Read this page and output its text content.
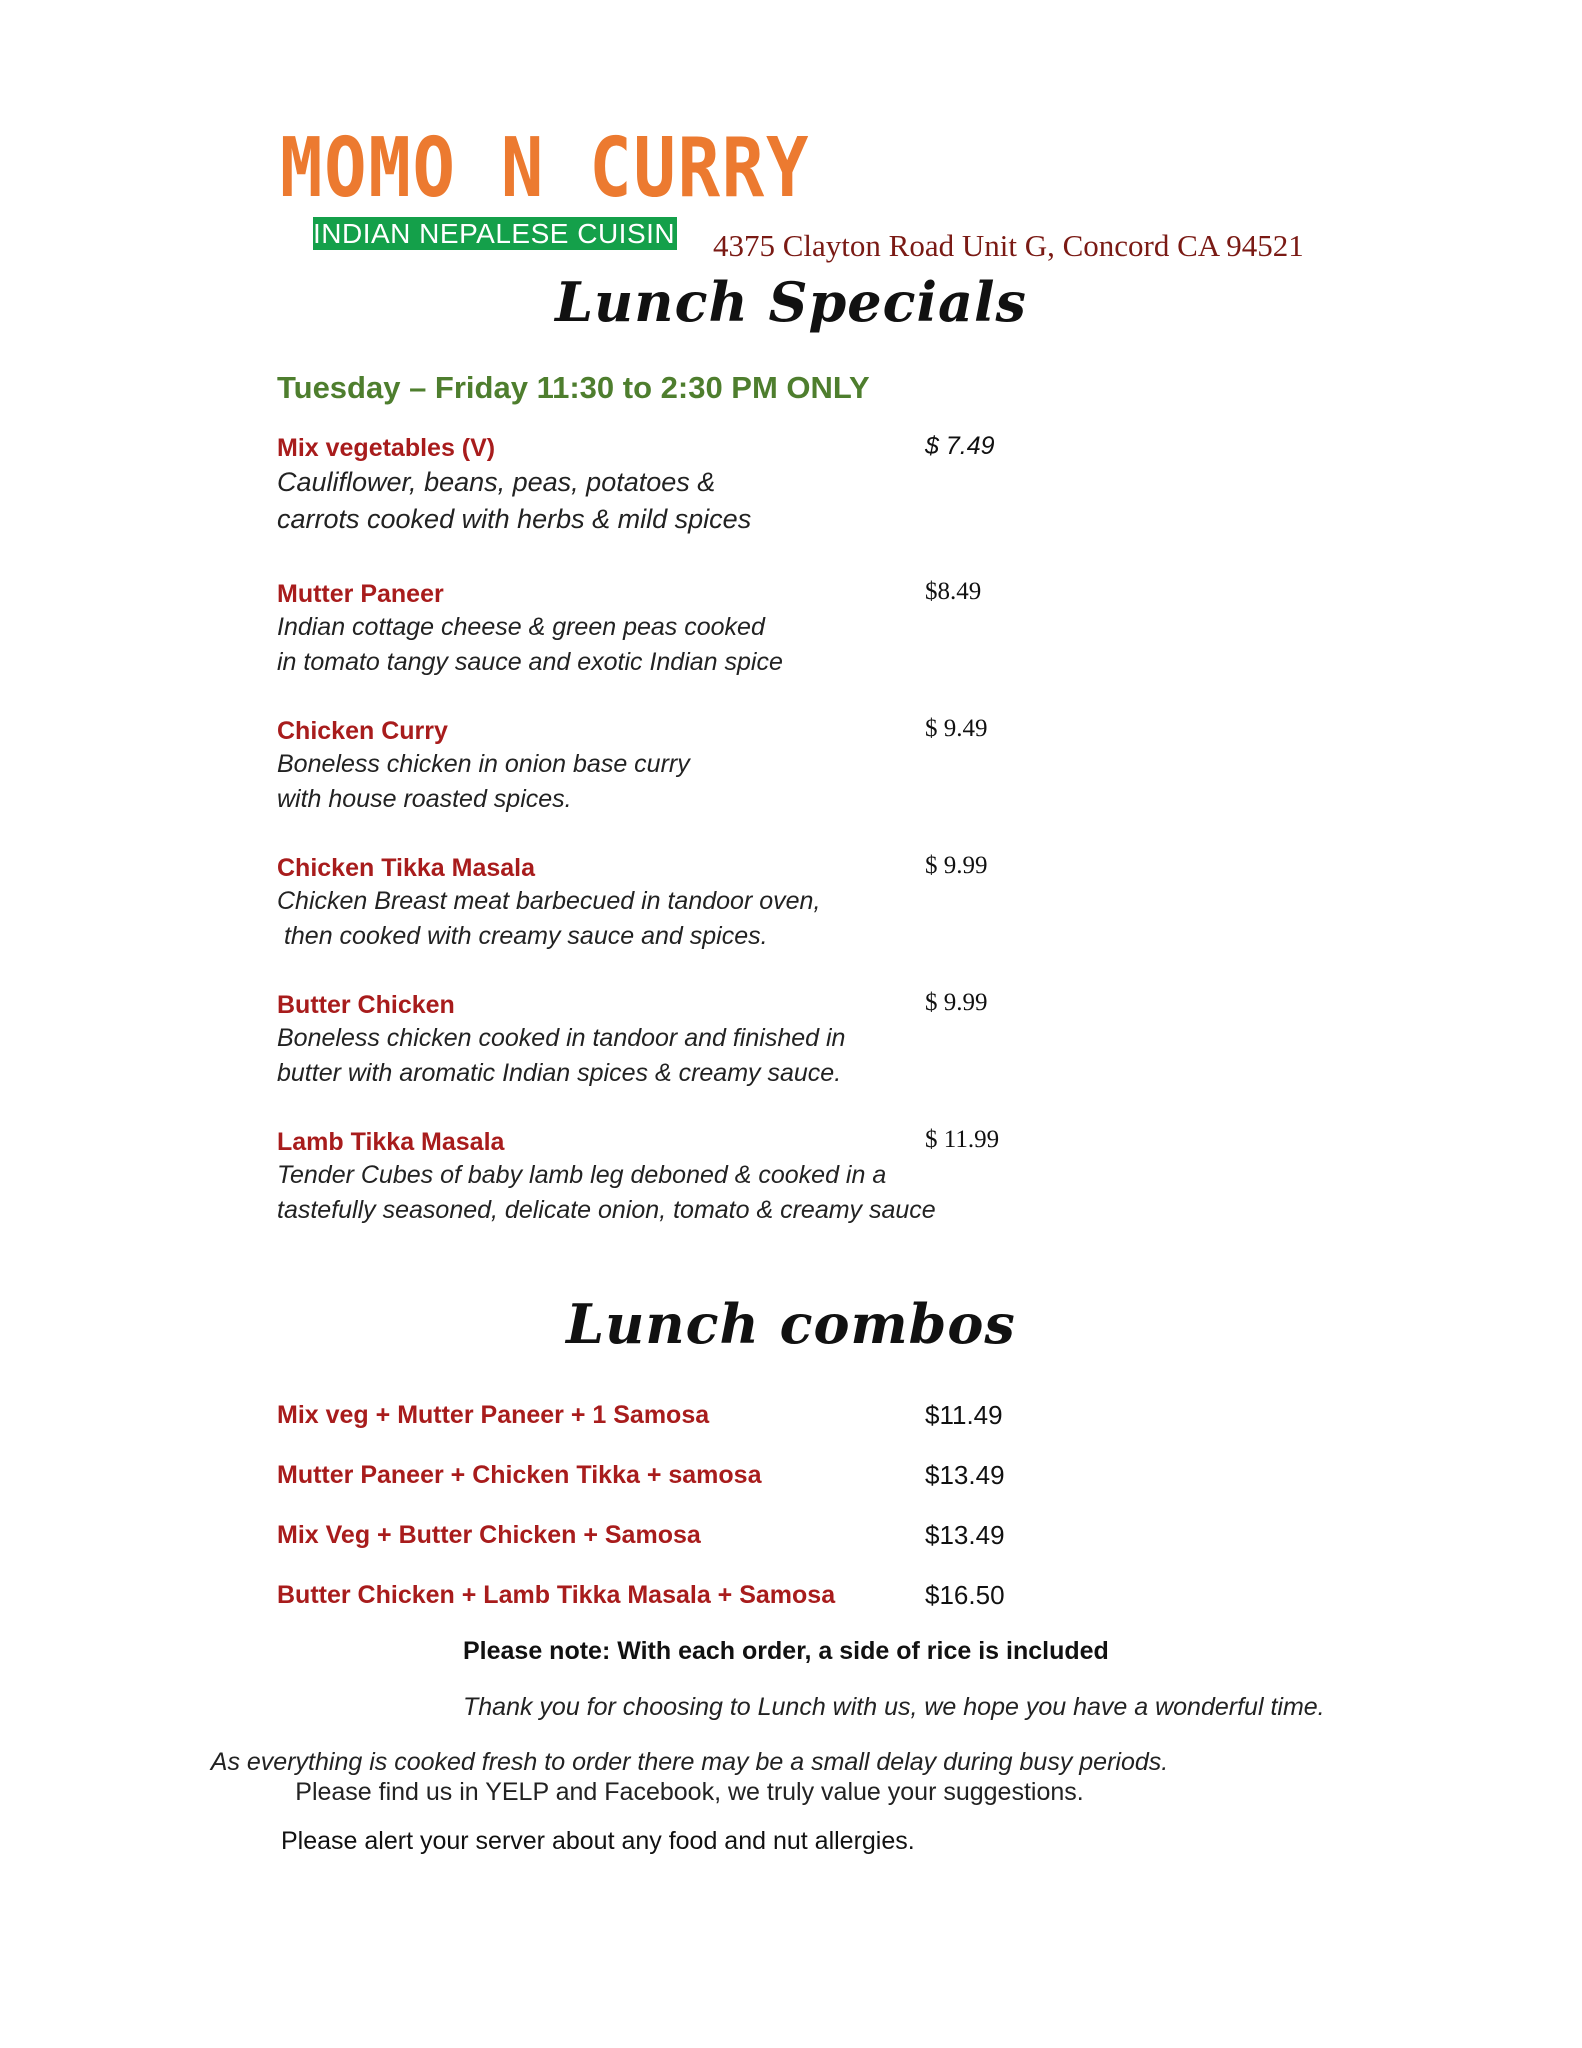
MOMO N CURRY
INDIAN NEPALESE CUISINE 4375 Clayton Road Unit G, Concord CA 94521
Lunch Specials
Tuesday – Friday 11:30 to 2:30 PM ONLY
Mix vegetables (V)	$ 7.49
Cauliflower, beans, peas, potatoes &
carrots cooked with herbs & mild spices
Mutter Paneer	$8.49
Indian cottage cheese & green peas cooked
in tomato tangy sauce and exotic Indian spice
Chicken Curry	$ 9.49
Boneless chicken in onion base curry
with house roasted spices.
Chicken Tikka Masala	$ 9.99
Chicken Breast meat barbecued in tandoor oven,
then cooked with creamy sauce and spices.
Butter Chicken	$ 9.99
Boneless chicken cooked in tandoor and finished in
butter with aromatic Indian spices & creamy sauce.
Lamb Tikka Masala	$ 11.99
Tender Cubes of baby lamb leg deboned & cooked in a
tastefully seasoned, delicate onion, tomato & creamy sauce
Lunch combos
Mix veg + Mutter Paneer + 1 Samosa	$11.49
Mutter Paneer + Chicken Tikka + samosa	$13.49
Mix Veg + Butter Chicken + Samosa	$13.49
Butter Chicken + Lamb Tikka Masala + Samosa	$16.50
Please note: With each order, a side of rice is included
Thank you for choosing to Lunch with us, we hope you have a wonderful time.
As everything is cooked fresh to order there may be a small delay during busy periods.
Please find us in YELP and Facebook, we truly value your suggestions.
Please alert your server about any food and nut allergies.
